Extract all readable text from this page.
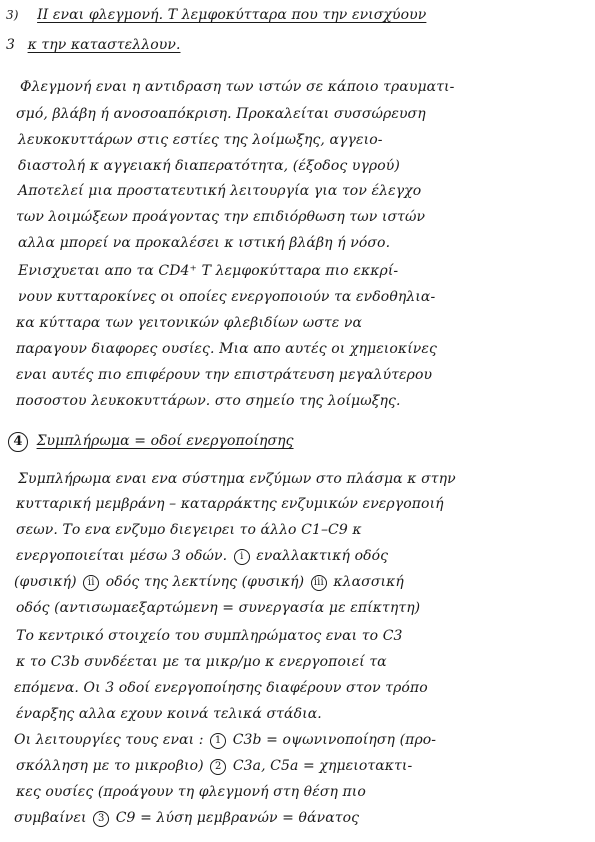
3) ΙΙ εναι φλεγμονή. Τ λεμφοκύτταρα που την ενισχύουν
3 κ την καταστελλουν.
Φλεγμονή εναι η αντιδραση των ιστών σε κάποιο τραυματι-
σμό, βλάβη ή ανοσοαπόκριση. Προκαλείται συσσώρευση
λευκοκυττάρων στις εστίες της λοίμωξης, αγγειο-
διαστολή κ αγγειακή διαπερατότητα, (έξοδος υγρού)
Αποτελεί μια προστατευτική λειτουργία για τον έλεγχο
των λοιμώξεων προάγοντας την επιδιόρθωση των ιστών
αλλα μπορεί να προκαλέσει κ ιστική βλάβη ή νόσο.
Ενισχυεται απο τα CD4⁺ Τ λεμφοκύτταρα πιο εκκρί-
νουν κυτταροκίνες οι οποίες ενεργοποιούν τα ενδοθηλια-
κα κύτταρα των γειτονικών φλεβιδίων ωστε να
παραγουν διαφορες ουσίες. Μια απο αυτές οι χημειοκίνες
εναι αυτές πιο επιφέρουν την επιστράτευση μεγαλύτερου
ποσοστου λευκοκυττάρων. στο σημείο της λοίμωξης.
4 Συμπλήρωμα = οδοί ενεργοποίησης
Συμπλήρωμα εναι ενα σύστημα ενζύμων στο πλάσμα κ στην
κυτταρική μεμβράνη – καταρράκτης ενζυμικών ενεργοποιή
σεων. Το ενα ενζυμο διεγειρει το άλλο C1–C9 κ
ενεργοποιείται μέσω 3 οδών. i εναλλακτική οδός
(φυσική) ii οδός της λεκτίνης (φυσική) iii κλασσική
οδός (αντισωμαεξαρτώμενη = συνεργασία με επίκτητη)
Το κεντρικό στοιχείο του συμπληρώματος εναι το C3
κ το C3b συνδέεται με τα μικρ/μο κ ενεργοποιεί τα
επόμενα. Οι 3 οδοί ενεργοποίησης διαφέρουν στον τρόπο
έναρξης αλλα εχουν κοινά τελικά στάδια.
Οι λειτουργίες τους εναι : 1 C3b = οψωνινοποίηση (προ-
σκόλληση με το μικροβιο) 2 C3a, C5a = χημειοτακτι-
κες ουσίες (προάγουν τη φλεγμονή στη θέση πιο
συμβαίνει 3 C9 = λύση μεμβρανών = θάνατος
